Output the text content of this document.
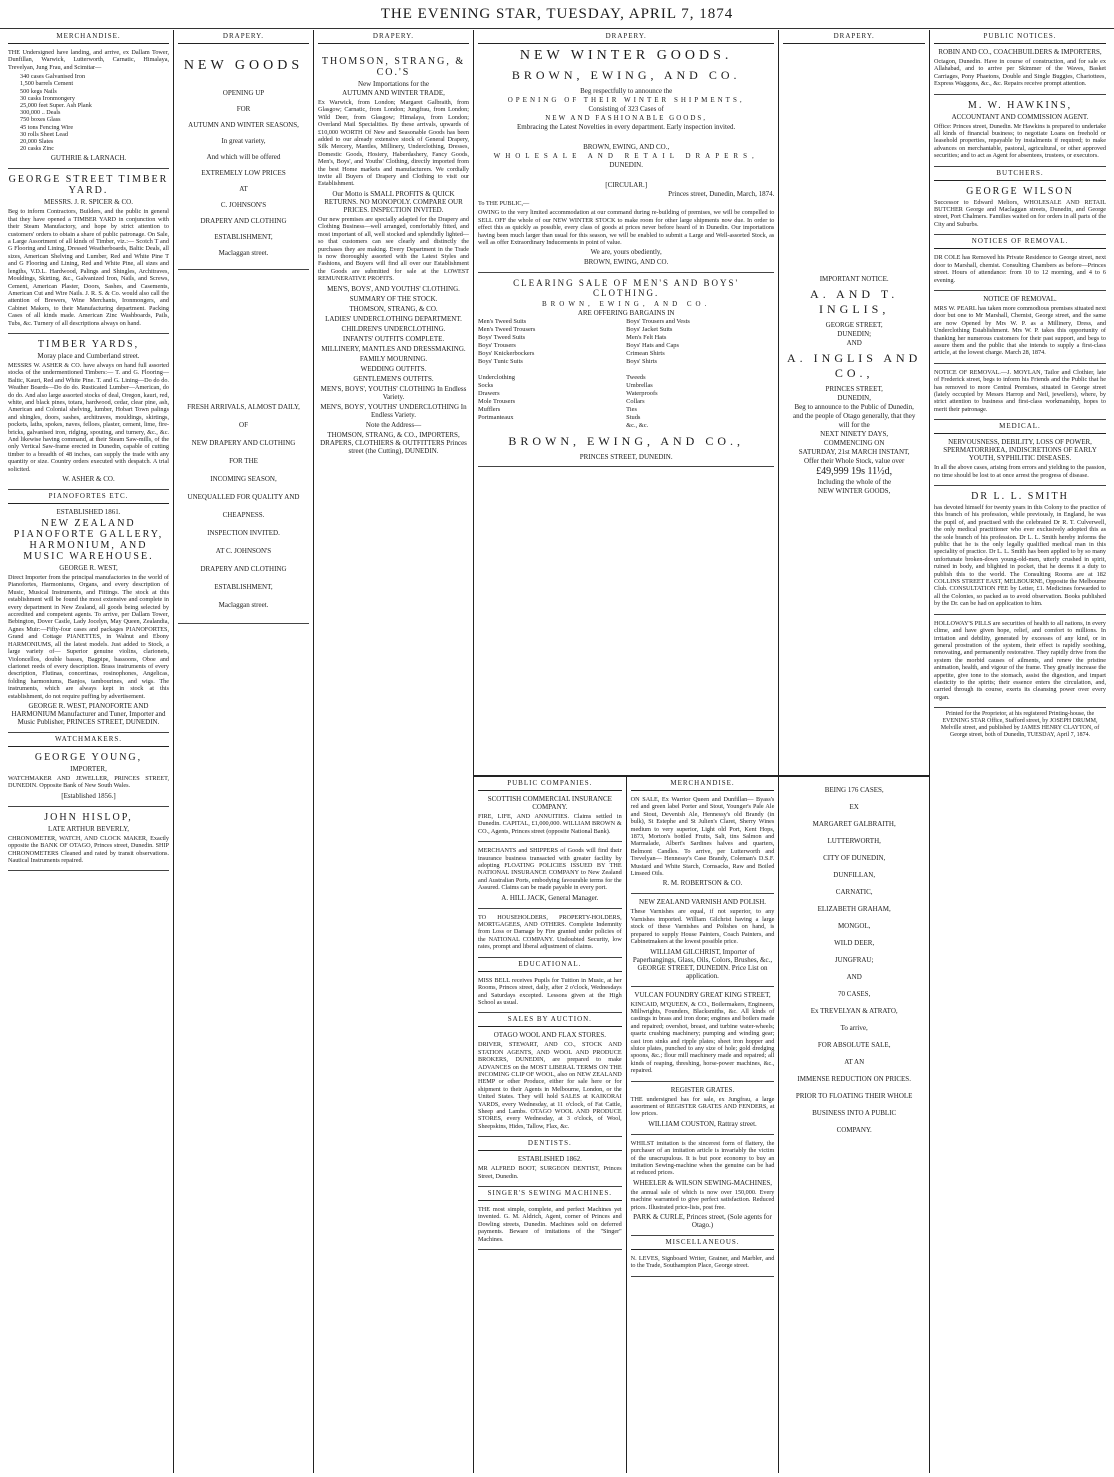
THE EVENING STAR, TUESDAY, APRIL 7, 1874
MERCHANDISE.
THE Undersigned have landing, and arrive, ex Dallam Tower, Dunfillan, Warwick, Lutterworth, Carnatic, Himalaya, Trevelyan, Jung Frau, and Scimitar—
340 cases Galvanised Iron
1,500 barrels Cement
500 kegs Nails
30 casks Ironmongery
25,000 feet Super. Ash Plank
300,000 .. Deals
750 boxes Glass
45 tons Fencing Wire
30 rolls Sheet Lead
20,000 Slates
20 casks Zinc
GUTHRIE & LARNACH.
GEORGE STREET TIMBER YARD.
MESSRS. J. R. SPICER & CO.
Beg to inform Contractors, Builders, and the public in general that they have opened a TIMBER YARD in conjunction with their Steam Manufactory, and hope by strict attention to customers' orders to obtain a share of public patronage. On Sale, a Large Assortment of all kinds of Timber, viz.:— Scotch T and G Flooring and Lining, Dressed Weatherboards, Baltic Deals, all sizes, American Shelving and Lumber, Red and White Pine T and G Flooring and Lining, Red and White Pine, all sizes and lengths, V.D.L. Hardwood, Palings and Shingles, Architraves, Mouldings, Skirting, &c., Galvanized Iron, Nails, and Screws, Cement, American Plaster, Doors, Sashes, and Casements, American Cut and Wire Nails. J. R. S. & Co. would also call the attention of Brewers, Wine Merchants, Ironmongers, and Cabinet Makers, to their Manufacturing department. Packing Cases of all kinds made. American Zinc Washboards, Pails, Tubs, &c. Turnery of all descriptions always on hand.
TIMBER YARDS,
Moray place and Cumberland street.
MESSRS W. ASHER & CO. have always on hand full assorted stocks of the undermentioned Timbers:— T. and G. Flooring—Baltic, Kauri, Red and White Pine. T. and G. Lining—Do do do. Weather Boards—Do do do. Rusticated Lumber—American, do do do. And also large assorted stocks of deal, Oregon, kauri, red, white, and black pines, totara, hardwood, cedar, clear pine, ash, American and Colonial shelving, lumber, Hobart Town palings and shingles, doors, sashes, architraves, mouldings, skirtings, pockets, laths, spokes, naves, felloes, plaster, cement, lime, fire-bricks, galvanised iron, ridging, spouting, and turnery, &c., &c. And likewise having command, at their Steam Saw-mills, of the only Vertical Saw-frame erected in Dunedin, capable of cutting timber to a breadth of 48 inches, can supply the trade with any quantity or size. Country orders executed with despatch. A trial solicited.
W. ASHER & CO.
PIANOFORTES ETC.
ESTABLISHED 1861.
NEW ZEALAND PIANOFORTE GALLERY, HARMONIUM, AND MUSIC WAREHOUSE.
GEORGE R. WEST,
Direct Importer from the principal manufactories in the world of Pianofortes, Harmoniums, Organs, and every description of Music, Musical Instruments, and Fittings. The stock at this establishment will be found the most extensive and complete in every department in New Zealand, all goods being selected by accredited and competent agents. To arrive, per Dallam Tower, Bebington, Dover Castle, Lady Jocelyn, May Queen, Zealandia, Agnes Muir:—Fifty-four cases and packages PIANOFORTES, Grand and Cottage PIANETTES, in Walnut and Ebony HARMONIUMS, all the latest models. Just added to Stock, a large variety of— Superior genuine violins, clarionets, Violoncellos, double basses, Bagpipe, bassoons, Oboe and clarionet reeds of every description. Brass instruments of every description, Flutinas, concertinas, rosinophones, Angelicas, folding harmoniums, Banjos, tambourines, and wigs. The instruments, which are always kept in stock at this establishment, do not require puffing by advertisement.
GEORGE R. WEST, PIANOFORTE AND HARMONIUM Manufacturer and Tuner, Importer and Music Publisher, PRINCES STREET, DUNEDIN.
WATCHMAKERS.
GEORGE YOUNG,
IMPORTER,
WATCHMAKER AND JEWELLER, PRINCES STREET, DUNEDIN. Opposite Bank of New South Wales.
[Established 1856.]
JOHN HISLOP,
LATE ARTHUR BEVERLY,
CHRONOMETER, WATCH, AND CLOCK MAKER, Exactly opposite the BANK OF OTAGO, Princes street, Dunedin. SHIP CHRONOMETERS Cleaned and rated by transit observations. Nautical Instruments repaired.
DRAPERY.
NEW GOODS
OPENING UP
FOR
AUTUMN AND WINTER SEASONS,
In great variety,
And which will be offered
EXTREMELY LOW PRICES
AT
C. JOHNSON'S
DRAPERY AND CLOTHING
ESTABLISHMENT,
Maclaggan street.
FRESH ARRIVALS, ALMOST DAILY,
OF
NEW DRAPERY AND CLOTHING
FOR THE
INCOMING SEASON,
UNEQUALLED FOR QUALITY AND
CHEAPNESS.
INSPECTION INVITED.
AT C. JOHNSON'S
DRAPERY AND CLOTHING
ESTABLISHMENT,
Maclaggan street.
DRAPERY.
THOMSON, STRANG, & CO.'S
New Importations for the
AUTUMN AND WINTER TRADE,
Ex Warwick, from London; Margaret Galbraith, from Glasgow; Carnatic, from London; Jungfrau, from London; Wild Deer, from Glasgow; Himalaya, from London; Overland Mail Specialities. By these arrivals, upwards of £10,000 WORTH Of New and Seasonable Goods has been added to our already extensive stock of General Drapery, Silk Mercery, Mantles, Millinery, Underclothing, Dresses, Domestic Goods, Hosiery, Haberdashery, Fancy Goods, Men's, Boys', and Youths' Clothing, directly imported from the best Home markets and manufacturers. We cordially invite all Buyers of Drapery and Clothing to visit our Establishment.
Our Motto is SMALL PROFITS & QUICK RETURNS. NO MONOPOLY. COMPARE OUR PRICES. INSPECTION INVITED.
Our new premises are specially adapted for the Drapery and Clothing Business—well arranged, comfortably fitted, and most important of all, well stocked and splendidly lighted—so that customers can see clearly and distinctly the purchases they are making. Every Department in the Trade is now thoroughly assorted with the Latest Styles and Fashions, and Buyers will find all over our Establishment the Goods are submitted for sale at the LOWEST REMUNERATIVE PROFITS.
MEN'S, BOYS', AND YOUTHS' CLOTHING.
SUMMARY OF THE STOCK.
THOMSON, STRANG, & CO.
LADIES' UNDERCLOTHING DEPARTMENT.
CHILDREN'S UNDERCLOTHING.
INFANTS' OUTFITS COMPLETE.
MILLINERY, MANTLES AND DRESSMAKING.
FAMILY MOURNING.
WEDDING OUTFITS.
GENTLEMEN'S OUTFITS.
MEN'S, BOYS', YOUTHS' CLOTHING In Endless Variety.
MEN'S, BOYS', YOUTHS' UNDERCLOTHING In Endless Variety.
Note the Address—
THOMSON, STRANG, & CO., IMPORTERS, DRAPERS, CLOTHIERS & OUTFITTERS Princes street (the Cutting), DUNEDIN.
DRAPERY.
NEW WINTER GOODS.
BROWN, EWING, AND CO.
Beg respectfully to announce the
OPENING OF THEIR WINTER SHIPMENTS,
Consisting of 323 Cases of
NEW AND FASHIONABLE GOODS,
Embracing the Latest Novelties in every department. Early inspection invited.
BROWN, EWING, AND CO.,
WHOLESALE AND RETAIL DRAPERS,
DUNEDIN.
[CIRCULAR.]
Princes street, Dunedin, March, 1874.
To THE PUBLIC,—
OWING to the very limited accommodation at our command during re-building of premises, we will be compelled to SELL OFF the whole of our NEW WINTER STOCK to make room for other large shipments now due. In order to effect this as quickly as possible, every class of goods at prices never before heard of in Dunedin. Our importations having been much larger than usual for this season, we will be enabled to submit a Large and Well-assorted Stock, as well as offer Extraordinary Inducements in point of value.
We are, yours obediently,
BROWN, EWING, AND CO.
CLEARING SALE OF MEN'S AND BOYS' CLOTHING.
BROWN, EWING, AND CO.
ARE OFFERING BARGAINS IN
Men's Tweed Suits
Men's Tweed Trousers
Boys' Tweed Suits
Boys' Trousers
Boys' Knickerbockers
Boys' Tunic Suits
Underclothing
Socks
Drawers
Mole Trousers
Mufflers
Portmanteaux
Boys' Trousers and Vests
Boys' Jacket Suits
Men's Felt Hats
Boys' Hats and Caps
Crimean Shirts
Boys' Shirts
Tweeds
Umbrellas
Waterproofs
Collars
Ties
Studs
&c., &c.
BROWN, EWING, AND CO.,
PRINCES STREET, DUNEDIN.
DRAPERY.
IMPORTANT NOTICE.
A. AND T. INGLIS,
GEORGE STREET,
DUNEDIN;
AND
A. INGLIS AND CO.,
PRINCES STREET,
DUNEDIN,
Beg to announce to the Public of Dunedin,
and the people of Otago generally, that they
will for the
NEXT NINETY DAYS,
COMMENCING ON
SATURDAY, 21st MARCH INSTANT,
Offer their Whole Stock, value over
£49,999 19s 11½d,
Including the whole of the
NEW WINTER GOODS,
PUBLIC COMPANIES.
SCOTTISH COMMERCIAL INSURANCE COMPANY.
FIRE, LIFE, AND ANNUITIES. Claims settled in Dunedin. CAPITAL, £1,000,000. WILLIAM BROWN & CO., Agents, Princes street (opposite National Bank).
MERCHANTS and SHIPPERS of Goods will find their insurance business transacted with greater facility by adopting FLOATING POLICIES ISSUED BY THE NATIONAL INSURANCE COMPANY to New Zealand and Australian Ports, embodying favourable terms for the Assured. Claims can be made payable in every port.
A. HILL JACK, General Manager.
TO HOUSEHOLDERS, PROPERTY-HOLDERS, MORTGAGEES, AND OTHERS. Complete Indemnity from Loss or Damage by Fire granted under policies of the NATIONAL COMPANY. Undoubted Security, low rates, prompt and liberal adjustment of claims.
EDUCATIONAL.
MISS BELL receives Pupils for Tuition in Music, at her Rooms, Princes street, daily, after 2 o'clock, Wednesdays and Saturdays excepted. Lessons given at the High School as usual.
SALES BY AUCTION.
OTAGO WOOL AND FLAX STORES.
DRIVER, STEWART, AND CO., STOCK AND STATION AGENTS, AND WOOL AND PRODUCE BROKERS, DUNEDIN, are prepared to make ADVANCES on the MOST LIBERAL TERMS ON THE INCOMING CLIP OF WOOL, also on NEW ZEALAND HEMP or other Produce, either for sale here or for shipment to their Agents in Melbourne, London, or the United States. They will hold SALES at KAIKORAI YARDS, every Wednesday, at 11 o'clock, of Fat Cattle, Sheep and Lambs. OTAGO WOOL AND PRODUCE STORES, every Wednesday, at 3 o'clock, of Wool, Sheepskins, Hides, Tallow, Flax, &c.
DENTISTS.
ESTABLISHED 1862.
MR ALFRED BOOT, SURGEON DENTIST, Princes Street, Dunedin.
SINGER'S SEWING MACHINES.
THE most simple, complete, and perfect Machines yet invented. G. M. Aldrich, Agent, corner of Princes and Dowling streets, Dunedin. Machines sold on deferred payments. Beware of imitations of the "Singer" Machines.
MERCHANDISE.
ON SALE, Ex Warrior Queen and Dunfillan— Byass's red and green label Porter and Stout, Younger's Pale Ale and Stout, Devenish Ale, Hennessy's old Brandy (in bulk), St Estephe and St Julien's Claret, Sherry Wines medium to very superior, Light old Port, Kent Hops, 1873, Morton's bottled Fruits, Salt, tins Salmon and Marmalade, Albert's Sardines halves and quarters, Belmont Candles. To arrive, per Lutterworth and Trevelyan— Hennessy's Case Brandy, Coleman's D.S.F. Mustard and White Starch, Cornsacks, Raw and Boiled Linseed Oils.
R. M. ROBERTSON & CO.
NEW ZEALAND VARNISH AND POLISH.
These Varnishes are equal, if not superior, to any Varnishes imported. William Gilchrist having a large stock of these Varnishes and Polishes on hand, is prepared to supply House Painters, Coach Painters, and Cabinetmakers at the lowest possible price.
WILLIAM GILCHRIST, Importer of Paperhangings, Glass, Oils, Colors, Brushes, &c., GEORGE STREET, DUNEDIN. Price List on application.
VULCAN FOUNDRY GREAT KING STREET,
KINCAID, M'QUEEN, & CO., Boilermakers, Engineers, Millwrights, Founders, Blacksmiths, &c. All kinds of castings in brass and iron done; engines and boilers made and repaired; overshot, breast, and turbine water-wheels; quartz crushing machinery; pumping and winding gear; cast iron sinks and ripple plates; sheet iron hopper and sluice plates, punched to any size of hole; gold dredging spoons, &c.; flour mill machinery made and repaired; all kinds of reaping, threshing, horse-power machines, &c., repaired.
REGISTER GRATES.
THE undersigned has for sale, ex Jungfrau, a large assortment of REGISTER GRATES AND FENDERS, at low prices.
WILLIAM COUSTON, Rattray street.
WHILST imitation is the sincerest form of flattery, the purchaser of an imitation article is invariably the victim of the unscrupulous. It is but poor economy to buy an imitation Sewing-machine when the genuine can be had at reduced prices.
WHEELER & WILSON SEWING-MACHINES,
the annual sale of which is now over 150,000. Every machine warranted to give perfect satisfaction. Reduced prices. Illustrated price-lists, post free.
PARK & CURLE, Princes street, (Sole agents for Otago.)
MISCELLANEOUS.
N. LEVES, Signboard Writer, Grainer, and Marbler, and to the Trade, Southampton Place, George street.
BEING 176 CASES,
EX
MARGARET GALBRAITH,
LUTTERWORTH,
CITY OF DUNEDIN,
DUNFILLAN,
CARNATIC,
ELIZABETH GRAHAM,
MONGOL,
WILD DEER,
JUNGFRAU;
AND
70 CASES,
Ex TREVELYAN & ATRATO,
To arrive,
FOR ABSOLUTE SALE,
AT AN
IMMENSE REDUCTION ON PRICES.
PRIOR TO FLOATING THEIR WHOLE
BUSINESS INTO A PUBLIC
COMPANY.
PUBLIC NOTICES.
ROBIN AND CO., COACHBUILDERS & IMPORTERS,
Octagon, Dunedin. Have in course of construction, and for sale ex Allahabad, and to arrive per Skimmer of the Waves, Basket Carriages, Pony Phaetons, Double and Single Buggies, Chariottees, Express Waggons, &c., &c. Repairs receive prompt attention.
M. W. HAWKINS,
ACCOUNTANT AND COMMISSION AGENT.
Office: Princes street, Dunedin. Mr Hawkins is prepared to undertake all kinds of financial business; to negotiate Loans on freehold or leasehold properties, repayable by instalments if required; to make advances on merchantable, pastoral, agricultural, or other approved securities; and to act as Agent for absentees, trustees, or executors.
BUTCHERS.
GEORGE WILSON
Successor to Edward Meliors, WHOLESALE AND RETAIL BUTCHER George and Maclaggan streets, Dunedin, and George street, Port Chalmers. Families waited on for orders in all parts of the City and Suburbs.
NOTICES OF REMOVAL.
DR COLE has Removed his Private Residence to George street, next door to Marshall, chemist. Consulting Chambers as before—Princes street. Hours of attendance: from 10 to 12 morning, and 4 to 6 evening.
NOTICE OF REMOVAL.
MRS W. PEARL has taken more commodious premises situated next door but one to Mr Marshall, Chemist, George street, and the same are now Opened by Mrs W. P. as a Millinery, Dress, and Underclothing Establishment. Mrs W. P. takes this opportunity of thanking her numerous customers for their past support, and begs to assure them and the public that she intends to supply a first-class article, at the lowest charge. March 28, 1874.
NOTICE OF REMOVAL.—J. MOYLAN, Tailor and Clothier, late of Frederick street, begs to inform his Friends and the Public that he has removed to more Central Premises, situated in George street (lately occupied by Messrs Harrop and Neil, jewellers), where, by strict attention to business and first-class workmanship, hopes to merit their patronage.
MEDICAL.
NERVOUSNESS, DEBILITY, LOSS OF POWER, SPERMATORRHŒA, INDISCRETIONS OF EARLY YOUTH, SYPHILITIC DISEASES.
In all the above cases, arising from errors and yielding to the passion, no time should be lost to at once arrest the progress of disease.
DR L. L. SMITH
has devoted himself for twenty years in this Colony to the practice of this branch of his profession, while previously, in England, he was the pupil of, and practised with the celebrated Dr R. T. Culverwell, the only medical practitioner who ever exclusively adopted this as the sole branch of his profession. Dr L. L. Smith hereby informs the public that he is the only legally qualified medical man in this speciality of practice. Dr L. L. Smith has been applied to by so many unfortunate broken-down young-old-men, utterly crushed in spirit, ruined in body, and blighted in pocket, that he deems it a duty to publish this to the world. The Consulting Rooms are at 182 COLLINS STREET EAST, MELBOURNE, Opposite the Melbourne Club. CONSULTATION FEE by Letter, £1. Medicines forwarded to all the Colonies, so packed as to avoid observation. Books published by the Dr. can be had on application to him.
HOLLOWAY'S PILLS are securities of health to all nations, in every clime, and have given hope, relief, and comfort to millions. In irritation and debility, generated by excesses of any kind, or in general prostration of the system, their effect is rapidly soothing, renovating, and permanently restorative. They rapidly drive from the system the morbid causes of ailments, and renew the pristine animation, health, and vigour of the frame. They greatly increase the appetite, give tone to the stomach, assist the digestion, and impart elasticity to the spirits; their essence enters the circulation, and, carried through its course, exerts its cleansing power over every organ.
Printed for the Proprietor, at his registered Printing-house, the EVENING STAR Office, Stafford street, by JOSEPH DRUMM, Melville street, and published by JAMES HENRY CLAYTON, of George street, both of Dunedin, TUESDAY, April 7, 1874.
